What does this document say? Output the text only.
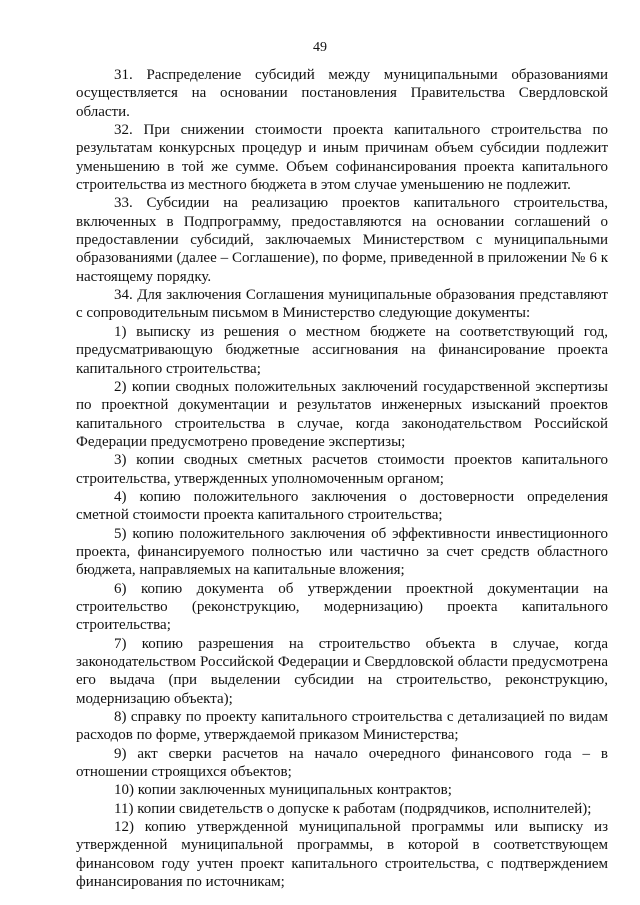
49

31. Распределение субсидий между муниципальными образованиями осуществляется на основании постановления Правительства Свердловской области.

32. При снижении стоимости проекта капитального строительства по результатам конкурсных процедур и иным причинам объем субсидии подлежит уменьшению в той же сумме. Объем софинансирования проекта капитального строительства из местного бюджета в этом случае уменьшению не подлежит.

33. Субсидии на реализацию проектов капитального строительства, включенных в Подпрограмму, предоставляются на основании соглашений о предоставлении субсидий, заключаемых Министерством с муниципальными образованиями (далее – Соглашение), по форме, приведенной в приложении № 6 к настоящему порядку.

34. Для заключения Соглашения муниципальные образования представляют с сопроводительным письмом в Министерство следующие документы:

1) выписку из решения о местном бюджете на соответствующий год, предусматривающую бюджетные ассигнования на финансирование проекта капитального строительства;

2) копии сводных положительных заключений государственной экспертизы по проектной документации и результатов инженерных изысканий проектов капитального строительства в случае, когда законодательством Российской Федерации предусмотрено проведение экспертизы;

3) копии сводных сметных расчетов стоимости проектов капитального строительства, утвержденных уполномоченным органом;

4) копию положительного заключения о достоверности определения сметной стоимости проекта капитального строительства;

5) копию положительного заключения об эффективности инвестиционного проекта, финансируемого полностью или частично за счет средств областного бюджета, направляемых на капитальные вложения;

6) копию документа об утверждении проектной документации на строительство (реконструкцию, модернизацию) проекта капитального строительства;

7) копию разрешения на строительство объекта в случае, когда законодательством Российской Федерации и Свердловской области предусмотрена его выдача (при выделении субсидии на строительство, реконструкцию, модернизацию объекта);

8) справку по проекту капитального строительства с детализацией по видам расходов по форме, утверждаемой приказом Министерства;

9) акт сверки расчетов на начало очередного финансового года – в отношении строящихся объектов;

10) копии заключенных муниципальных контрактов;

11) копии свидетельств о допуске к работам (подрядчиков, исполнителей);

12) копию утвержденной муниципальной программы или выписку из утвержденной муниципальной программы, в которой в соответствующем финансовом году учтен проект капитального строительства, с подтверждением финансирования по источникам;
